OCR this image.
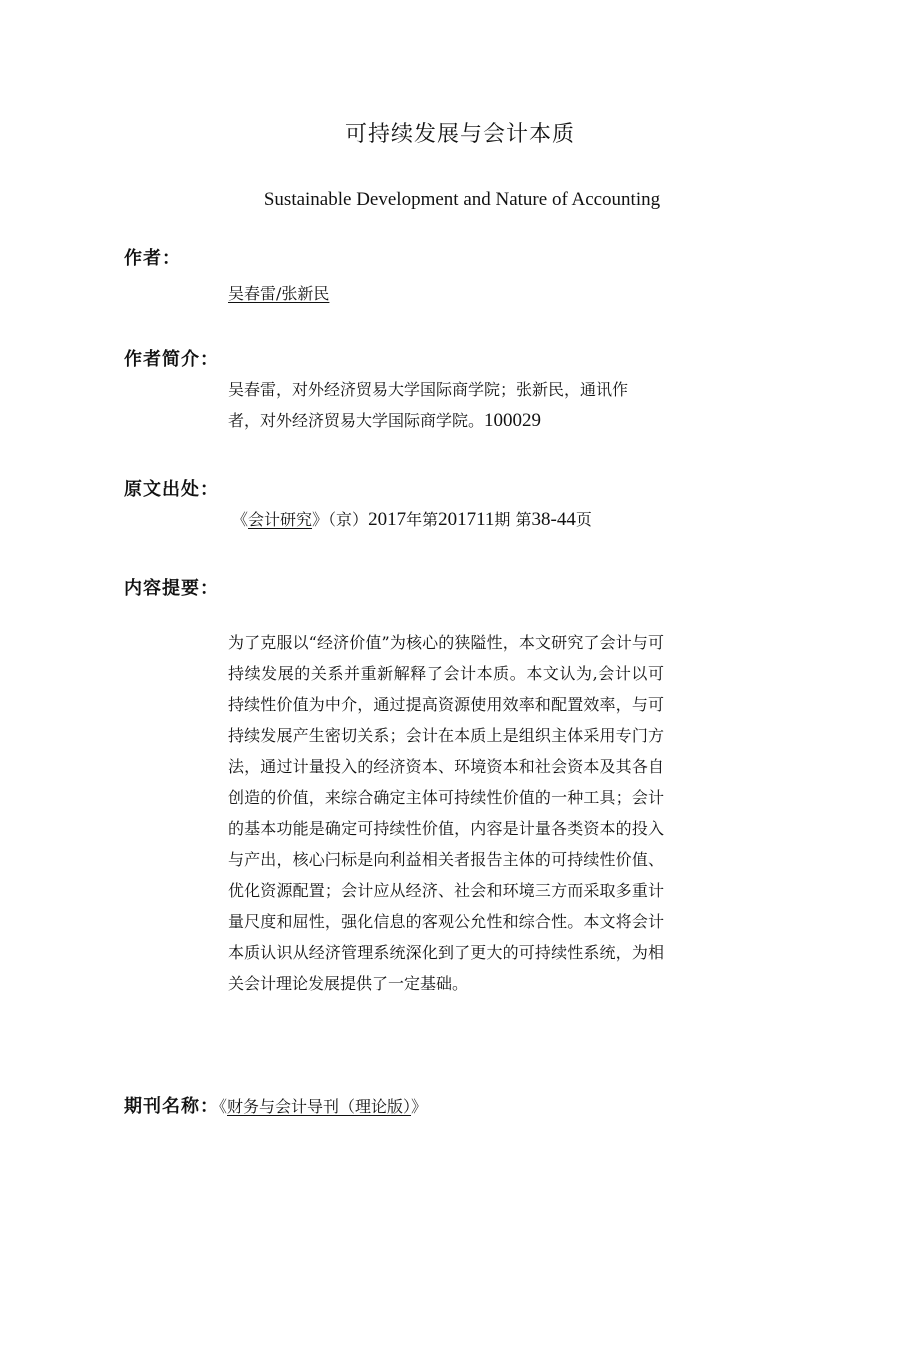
可持续发展与会计本质
Sustainable Development and Nature of Accounting
作者：
吴春雷/张新民
作者简介：
吴春雷，对外经济贸易大学国际商学院；张新民，通讯作
者，对外经济贸易大学国际商学院。100029
原文出处：
《会计研究》（京）2017年第201711期 第38-44页
内容提要：

为了克服以“经济价值”为核心的狭隘性，本文研究了会计与可持续发展的关系并重新解释了会计本质。本文认为,会计以可持续性价值为中介，通过提高资源使用效率和配置效率，与可持续发展产生密切关系；会计在本质上是组织主体采用专门方法，通过计量投入的经济资本、环境资本和社会资本及其各自创造的价值，来综合确定主体可持续性价值的一种工具；会计的基本功能是确定可持续性价值，内容是计量各类资本的投入与产出，核心闩标是向利益相关者报告主体的可持续性价值、优化资源配置；会计应从经济、社会和环境三方而采取多重计量尺度和屈性，强化信息的客观公允性和综合性。本文将会计本质认识从经济管理系统深化到了更大的可持续性系统，为相关会计理论发展提供了一定基础。

期刊名称：《财务与会计导刊（理论版）》
